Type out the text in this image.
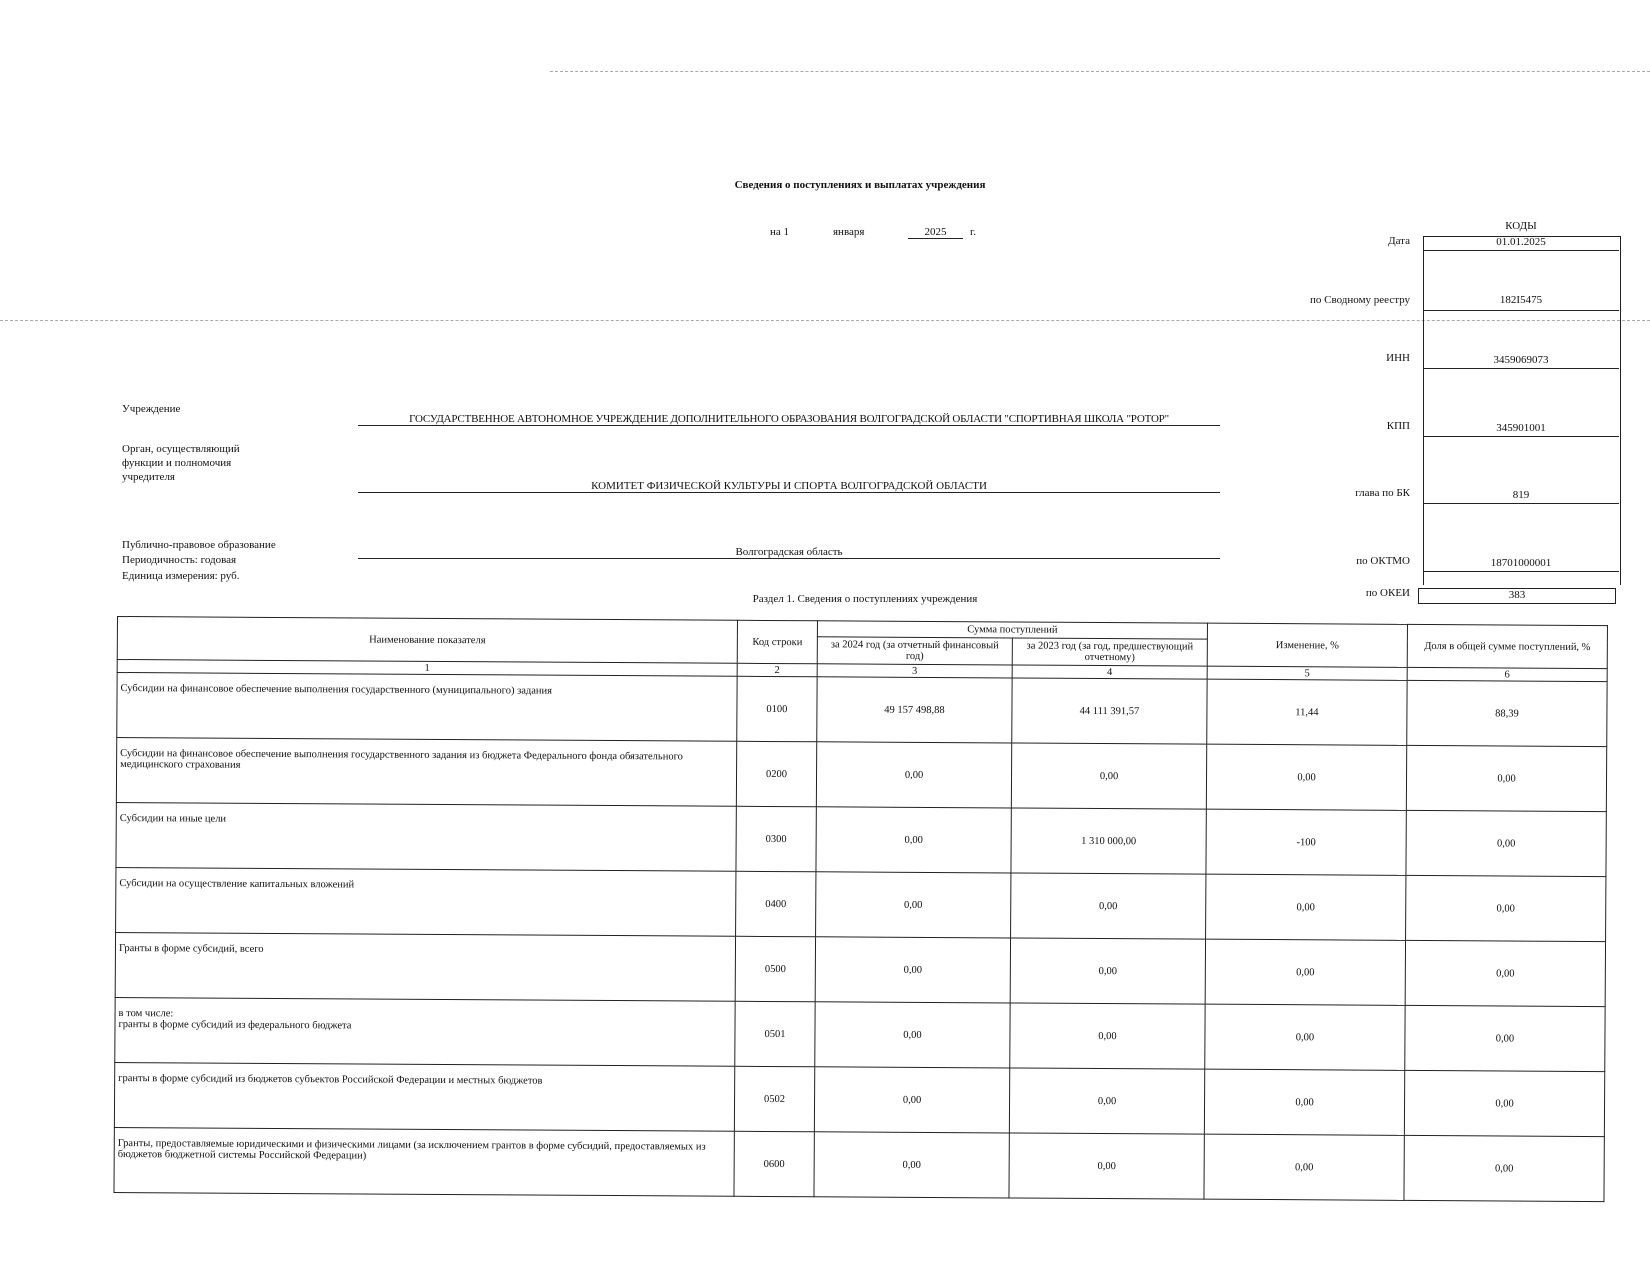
Сведения о поступлениях и выплатах учреждения
на 1	января	2025	г.	КОДЫ
Дата	01.01.2025
по Сводному реестру	182I5475
ИНН	3459069073
КПП	345901001
глава по БК	819
по ОКТМО	18701000001
по ОКЕИ	383
Учреждение
ГОСУДАРСТВЕННОЕ АВТОНОМНОЕ УЧРЕЖДЕНИЕ ДОПОЛНИТЕЛЬНОГО ОБРАЗОВАНИЯ ВОЛГОГРАДСКОЙ ОБЛАСТИ "СПОРТИВНАЯ ШКОЛА "РОТОР"
Орган, осуществляющий
функции и полномочия
учредителя
КОМИТЕТ ФИЗИЧЕСКОЙ КУЛЬТУРЫ И СПОРТА ВОЛГОГРАДСКОЙ ОБЛАСТИ
Публично-правовое образование
Волгоградская область
Периодичность: годовая
Единица измерения: руб.
Раздел 1. Сведения о поступлениях учреждения
Наименование показателя	Код строки	Сумма поступлений		Изменение, %	Доля в общей сумме поступлений, %
		за 2024 год (за отчетный финансовый год)	за 2023 год (за год, предшествующий отчетному)		
1	2	3	4	5	6
Субсидии на финансовое обеспечение выполнения государственного (муниципального) задания	0100	49 157 498,88	44 111 391,57	11,44	88,39
Субсидии на финансовое обеспечение выполнения государственного задания из бюджета Федерального фонда обязательного медицинского страхования	0200	0,00	0,00	0,00	0,00
Субсидии на иные цели	0300	0,00	1 310 000,00	-100	0,00
Субсидии на осуществление капитальных вложений	0400	0,00	0,00	0,00	0,00
Гранты в форме субсидий, всего	0500	0,00	0,00	0,00	0,00

в том числе:
гранты в форме субсидий из федерального бюджета	0501	0,00	0,00	0,00	0,00
гранты в форме субсидий из бюджетов субъектов Российской Федерации и местных бюджетов	0502	0,00	0,00	0,00	0,00
Гранты, предоставляемые юридическими и физическими лицами (за исключением грантов в форме субсидий, предоставляемых из бюджетов бюджетной системы Российской Федерации)	0600	0,00	0,00	0,00	0,00
